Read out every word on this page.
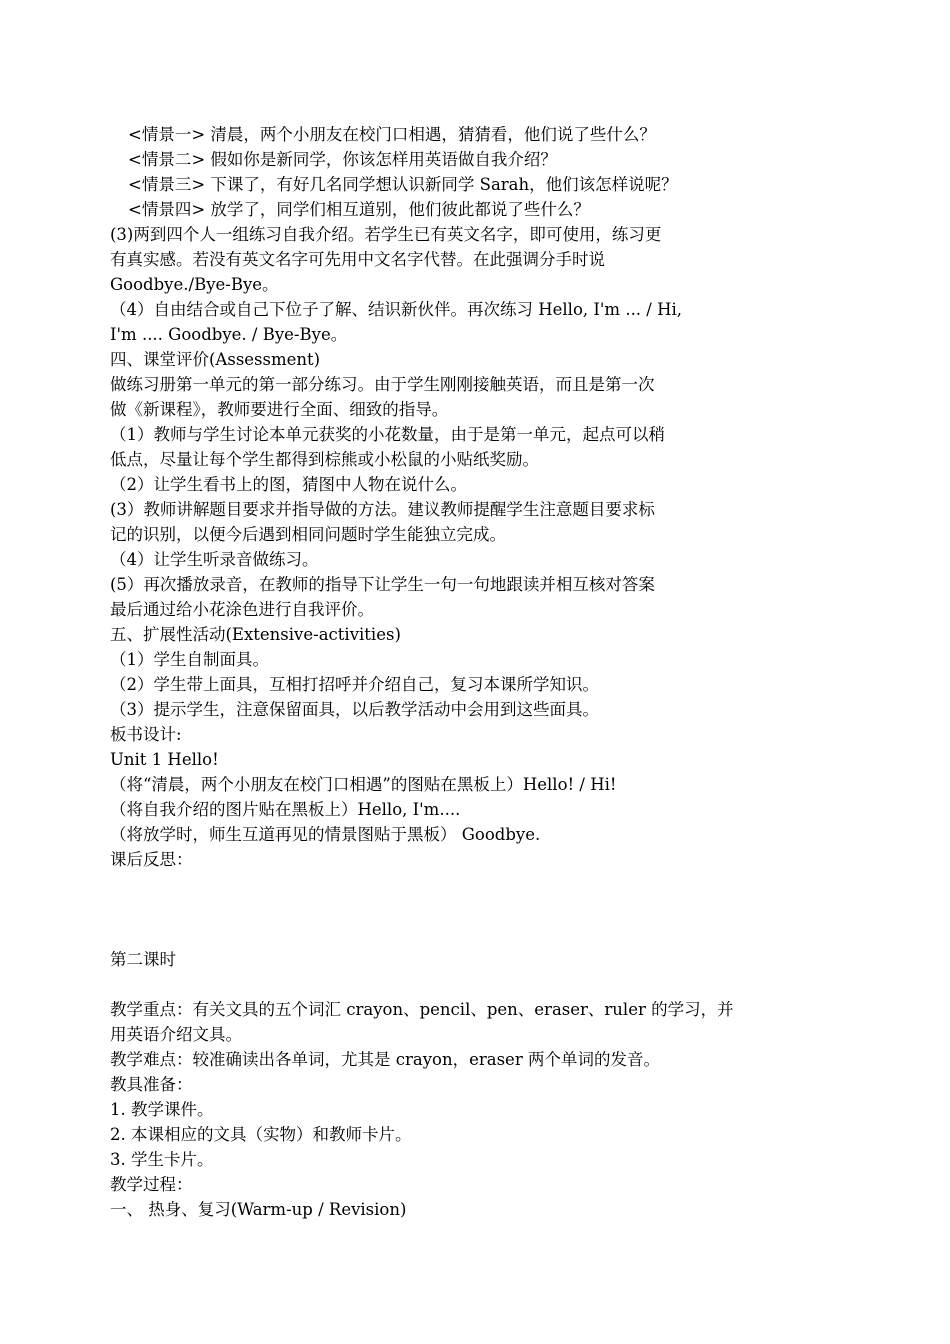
<情景一> 清晨，两个小朋友在校门口相遇，猜猜看，他们说了些什么？
<情景二> 假如你是新同学，你该怎样用英语做自我介绍？
<情景三> 下课了，有好几名同学想认识新同学 Sarah，他们该怎样说呢？
<情景四> 放学了，同学们相互道别，他们彼此都说了些什么？
(3)两到四个人一组练习自我介绍。若学生已有英文名字，即可使用，练习更
有真实感。若没有英文名字可先用中文名字代替。在此强调分手时说
Goodbye./Bye-Bye。
（4）自由结合或自己下位子了解、结识新伙伴。再次练习 Hello, I'm ... / Hi,
I'm .... Goodbye. / Bye-Bye。
四、课堂评价(Assessment)
做练习册第一单元的第一部分练习。由于学生刚刚接触英语，而且是第一次
做《新课程》，教师要进行全面、细致的指导。
（1）教师与学生讨论本单元获奖的小花数量，由于是第一单元，起点可以稍
低点，尽量让每个学生都得到棕熊或小松鼠的小贴纸奖励。
（2）让学生看书上的图，猜图中人物在说什么。
(3）教师讲解题目要求并指导做的方法。建议教师提醒学生注意题目要求标
记的识别，以便今后遇到相同问题时学生能独立完成。
（4）让学生听录音做练习。
(5）再次播放录音，在教师的指导下让学生一句一句地跟读并相互核对答案
最后通过给小花涂色进行自我评价。
五、扩展性活动(Extensive-activities)
（1）学生自制面具。
（2）学生带上面具，互相打招呼并介绍自己，复习本课所学知识。
（3）提示学生，注意保留面具，以后教学活动中会用到这些面具。
板书设计:
Unit 1 Hello!
（将“清晨，两个小朋友在校门口相遇”的图贴在黑板上）Hello! / Hi!
（将自我介绍的图片贴在黑板上）Hello, I'm....
（将放学时，师生互道再见的情景图贴于黑板） Goodbye.
课后反思：
第二课时
教学重点：有关文具的五个词汇 crayon、pencil、pen、eraser、ruler 的学习，并
用英语介绍文具。
教学难点：较准确读出各单词，尤其是 crayon，eraser 两个单词的发音。
教具准备：
1. 教学课件。
2. 本课相应的文具（实物）和教师卡片。
3. 学生卡片。
教学过程：
一、 热身、复习(Warm-up / Revision)
